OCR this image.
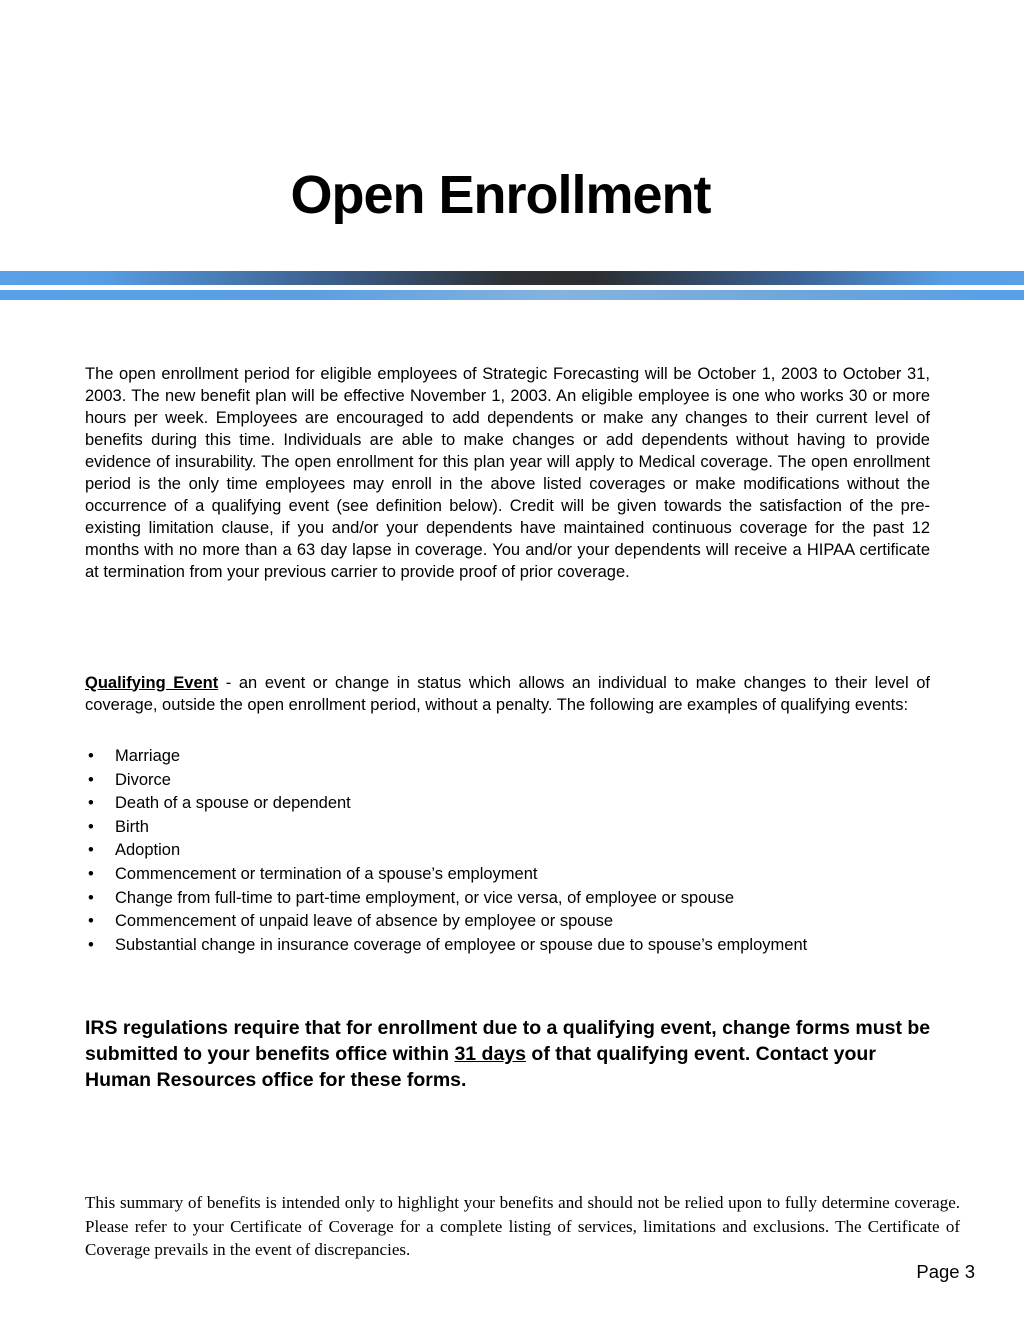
Open Enrollment

The open enrollment period for eligible employees of Strategic Forecasting will be October 1, 2003 to October 31, 2003. The new benefit plan will be effective November 1, 2003. An eligible employee is one who works 30 or more hours per week. Employees are encouraged to add dependents or make any changes to their current level of benefits during this time. Individuals are able to make changes or add dependents without having to provide evidence of insurability. The open enrollment for this plan year will apply to Medical coverage. The open enrollment period is the only time employees may enroll in the above listed coverages or make modifications without the occurrence of a qualifying event (see definition below). Credit will be given towards the satisfaction of the pre-existing limitation clause, if you and/or your dependents have maintained continuous coverage for the past 12 months with no more than a 63 day lapse in coverage. You and/or your dependents will receive a HIPAA certificate at termination from your previous carrier to provide proof of prior coverage.

Qualifying Event - an event or change in status which allows an individual to make changes to their level of coverage, outside the open enrollment period, without a penalty. The following are examples of qualifying events:

• Marriage
• Divorce
• Death of a spouse or dependent
• Birth
• Adoption
• Commencement or termination of a spouse’s employment
• Change from full-time to part-time employment, or vice versa, of employee or spouse
• Commencement of unpaid leave of absence by employee or spouse
• Substantial change in insurance coverage of employee or spouse due to spouse’s employment

IRS regulations require that for enrollment due to a qualifying event, change forms must be submitted to your benefits office within 31 days of that qualifying event. Contact your Human Resources office for these forms.

This summary of benefits is intended only to highlight your benefits and should not be relied upon to fully determine coverage. Please refer to your Certificate of Coverage for a complete listing of services, limitations and exclusions. The Certificate of Coverage prevails in the event of discrepancies.

Page 3
